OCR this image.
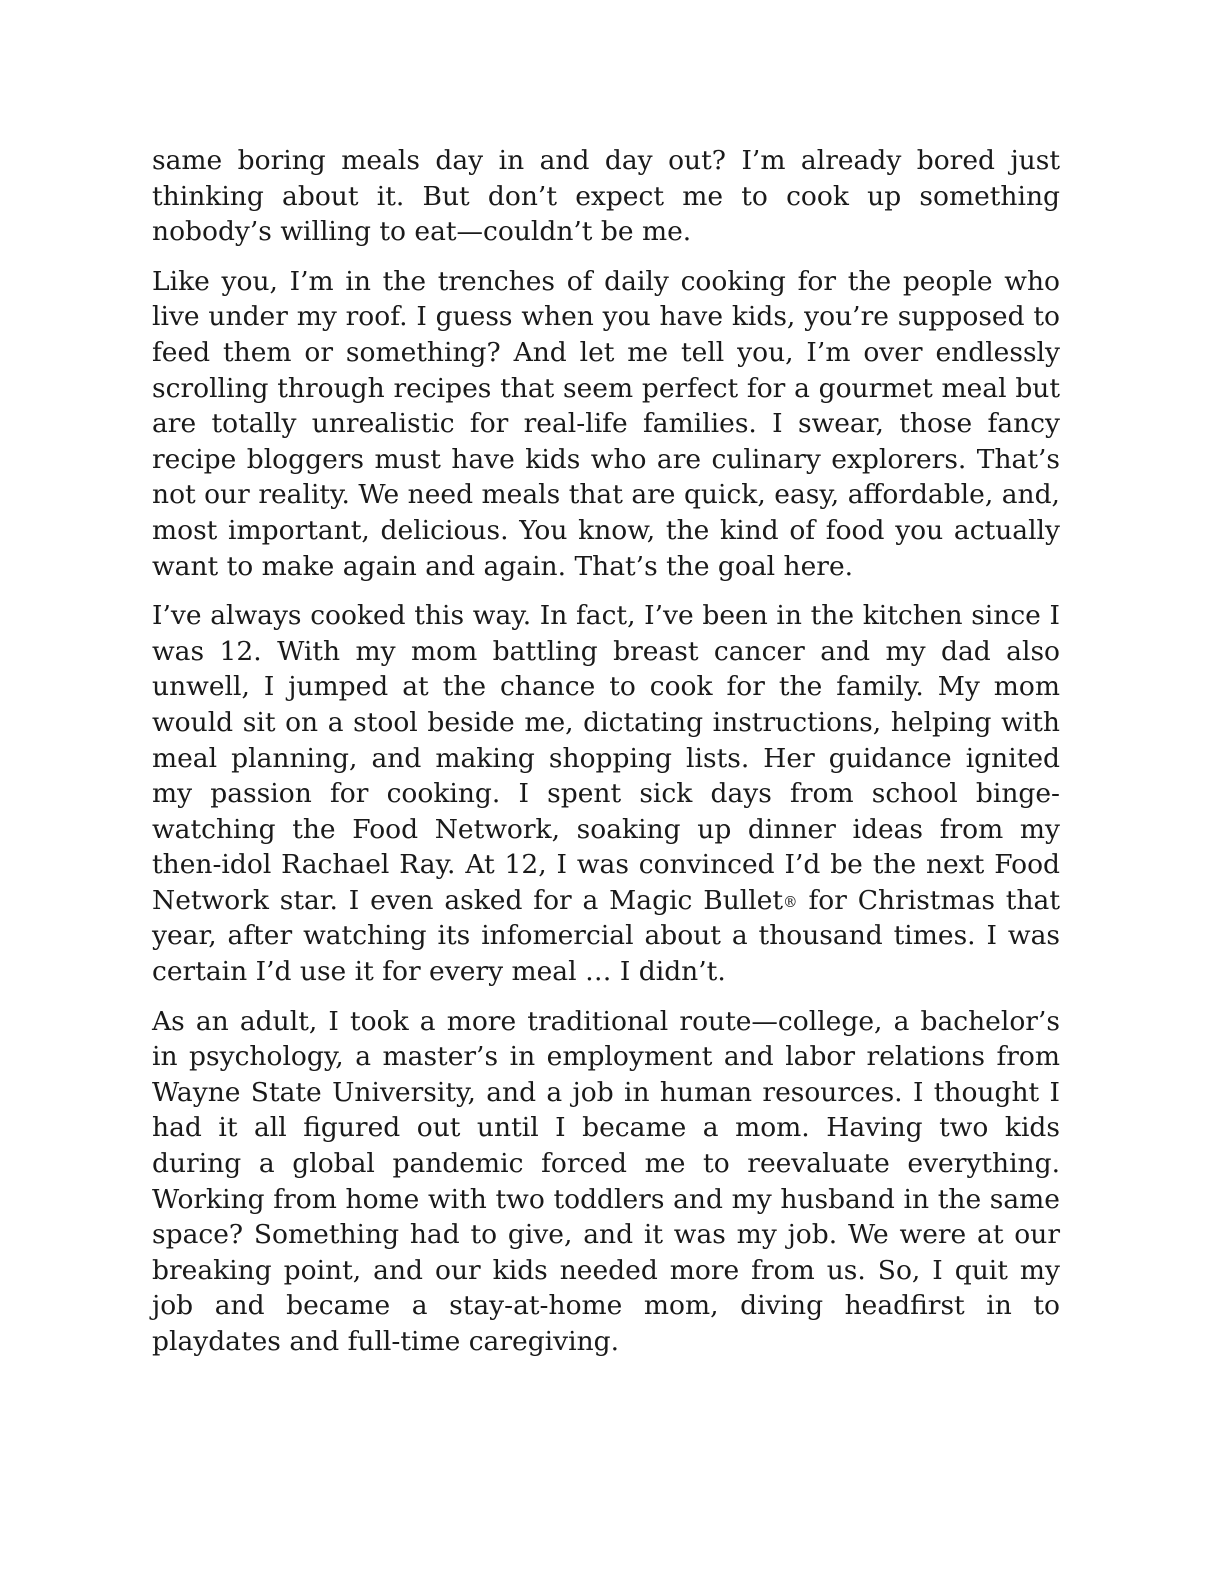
same boring meals day in and day out? I’m already bored just thinking about it. But don’t expect me to cook up something nobody’s willing to eat—couldn’t be me.

Like you, I’m in the trenches of daily cooking for the people who live under my roof. I guess when you have kids, you’re supposed to feed them or something? And let me tell you, I’m over endlessly scrolling through recipes that seem perfect for a gourmet meal but are totally unrealistic for real-life families. I swear, those fancy recipe bloggers must have kids who are culinary explorers. That’s not our reality. We need meals that are quick, easy, affordable, and, most important, delicious. You know, the kind of food you actually want to make again and again. That’s the goal here.

I’ve always cooked this way. In fact, I’ve been in the kitchen since I was 12. With my mom battling breast cancer and my dad also unwell, I jumped at the chance to cook for the family. My mom would sit on a stool beside me, dictating instructions, helping with meal planning, and making shopping lists. Her guidance ignited my passion for cooking. I spent sick days from school binge-watching the Food Network, soaking up dinner ideas from my then-idol Rachael Ray. At 12, I was convinced I’d be the next Food Network star. I even asked for a Magic Bullet® for Christmas that year, after watching its infomercial about a thousand times. I was certain I’d use it for every meal … I didn’t.

As an adult, I took a more traditional route—college, a bachelor’s in psychology, a master’s in employment and labor relations from Wayne State University, and a job in human resources. I thought I had it all figured out until I became a mom. Having two kids during a global pandemic forced me to reevaluate everything. Working from home with two toddlers and my husband in the same space? Something had to give, and it was my job. We were at our breaking point, and our kids needed more from us. So, I quit my job and became a stay-at-home mom, diving headfirst in to playdates and full-time caregiving.
